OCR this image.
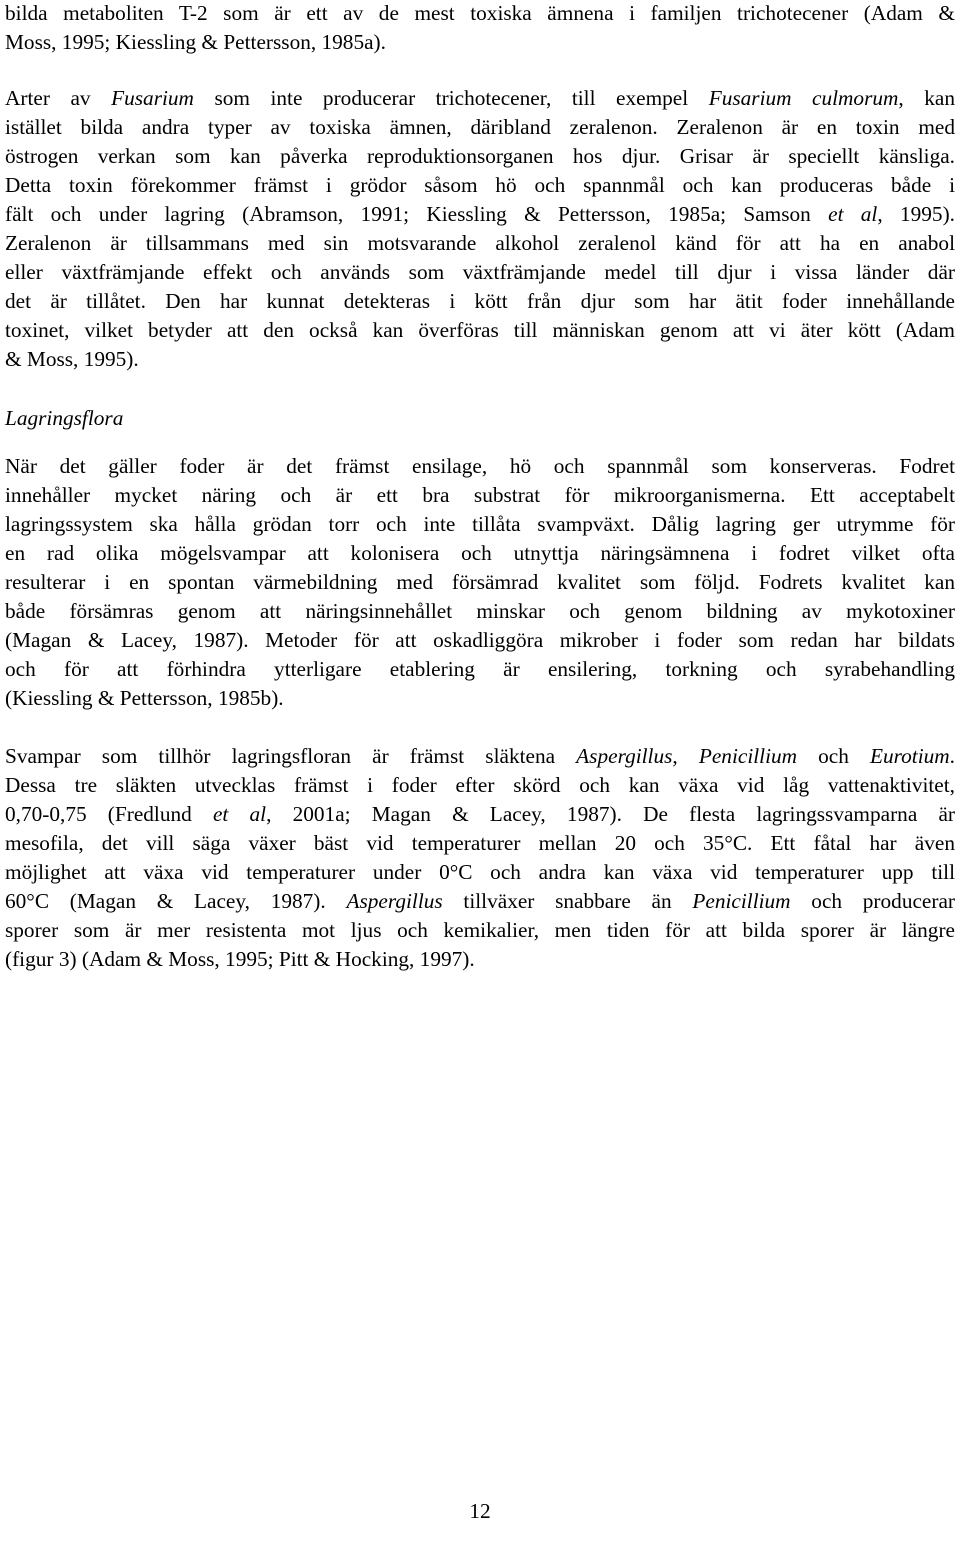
bilda metaboliten T-2 som är ett av de mest toxiska ämnena i familjen trichotecener (Adam &
Moss, 1995; Kiessling & Pettersson, 1985a).
Arter av Fusarium som inte producerar trichotecener, till exempel Fusarium culmorum, kan
istället bilda andra typer av toxiska ämnen, däribland zeralenon. Zeralenon är en toxin med
östrogen verkan som kan påverka reproduktionsorganen hos djur. Grisar är speciellt känsliga.
Detta toxin förekommer främst i grödor såsom hö och spannmål och kan produceras både i
fält och under lagring (Abramson, 1991; Kiessling & Pettersson, 1985a; Samson et al, 1995).
Zeralenon är tillsammans med sin motsvarande alkohol zeralenol känd för att ha en anabol
eller växtfrämjande effekt och används som växtfrämjande medel till djur i vissa länder där
det är tillåtet. Den har kunnat detekteras i kött från djur som har ätit foder innehållande
toxinet, vilket betyder att den också kan överföras till människan genom att vi äter kött (Adam
& Moss, 1995).
Lagringsflora
När det gäller foder är det främst ensilage, hö och spannmål som konserveras. Fodret
innehåller mycket näring och är ett bra substrat för mikroorganismerna. Ett acceptabelt
lagringssystem ska hålla grödan torr och inte tillåta svampväxt. Dålig lagring ger utrymme för
en rad olika mögelsvampar att kolonisera och utnyttja näringsämnena i fodret vilket ofta
resulterar i en spontan värmebildning med försämrad kvalitet som följd. Fodrets kvalitet kan
både försämras genom att näringsinnehållet minskar och genom bildning av mykotoxiner
(Magan & Lacey, 1987). Metoder för att oskadliggöra mikrober i foder som redan har bildats
och för att förhindra ytterligare etablering är ensilering, torkning och syrabehandling
(Kiessling & Pettersson, 1985b).
Svampar som tillhör lagringsfloran är främst släktena Aspergillus, Penicillium och Eurotium.
Dessa tre släkten utvecklas främst i foder efter skörd och kan växa vid låg vattenaktivitet,
0,70-0,75 (Fredlund et al, 2001a; Magan & Lacey, 1987). De flesta lagringssvamparna är
mesofila, det vill säga växer bäst vid temperaturer mellan 20 och 35°C. Ett fåtal har även
möjlighet att växa vid temperaturer under 0°C och andra kan växa vid temperaturer upp till
60°C (Magan & Lacey, 1987). Aspergillus tillväxer snabbare än Penicillium och producerar
sporer som är mer resistenta mot ljus och kemikalier, men tiden för att bilda sporer är längre
(figur 3) (Adam & Moss, 1995; Pitt & Hocking, 1997).
12
